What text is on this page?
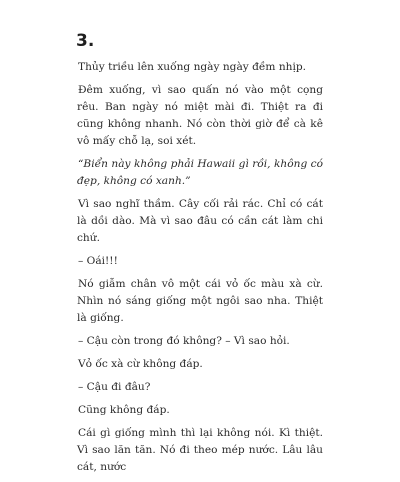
3.

Thủy triều lên xuống ngày ngày đềm nhịp.

Đêm xuống, vì sao quấn nó vào một cọng rêu. Ban ngày nó miệt mài đi. Thiệt ra đi cũng không nhanh. Nó còn thời giờ để cà kê vô mấy chỗ lạ, soi xét.

“Biển này không phải Hawaii gì rồi, không có đẹp, không có xanh.”

Vì sao nghĩ thầm. Cây cối rải rác. Chỉ có cát là dồi dào. Mà vì sao đâu có cần cát làm chi chứ.

– Oái!!!

Nó giẫm chân vô một cái vỏ ốc màu xà cừ. Nhìn nó sáng giống một ngôi sao nha. Thiệt là giống.

– Cậu còn trong đó không? – Vì sao hỏi.

Vỏ ốc xà cừ không đáp.

– Cậu đi đâu?

Cũng không đáp.

Cái gì giống mình thì lại không nói. Kì thiệt. Vì sao lăn tăn. Nó đi theo mép nước. Lâu lâu cát, nước
